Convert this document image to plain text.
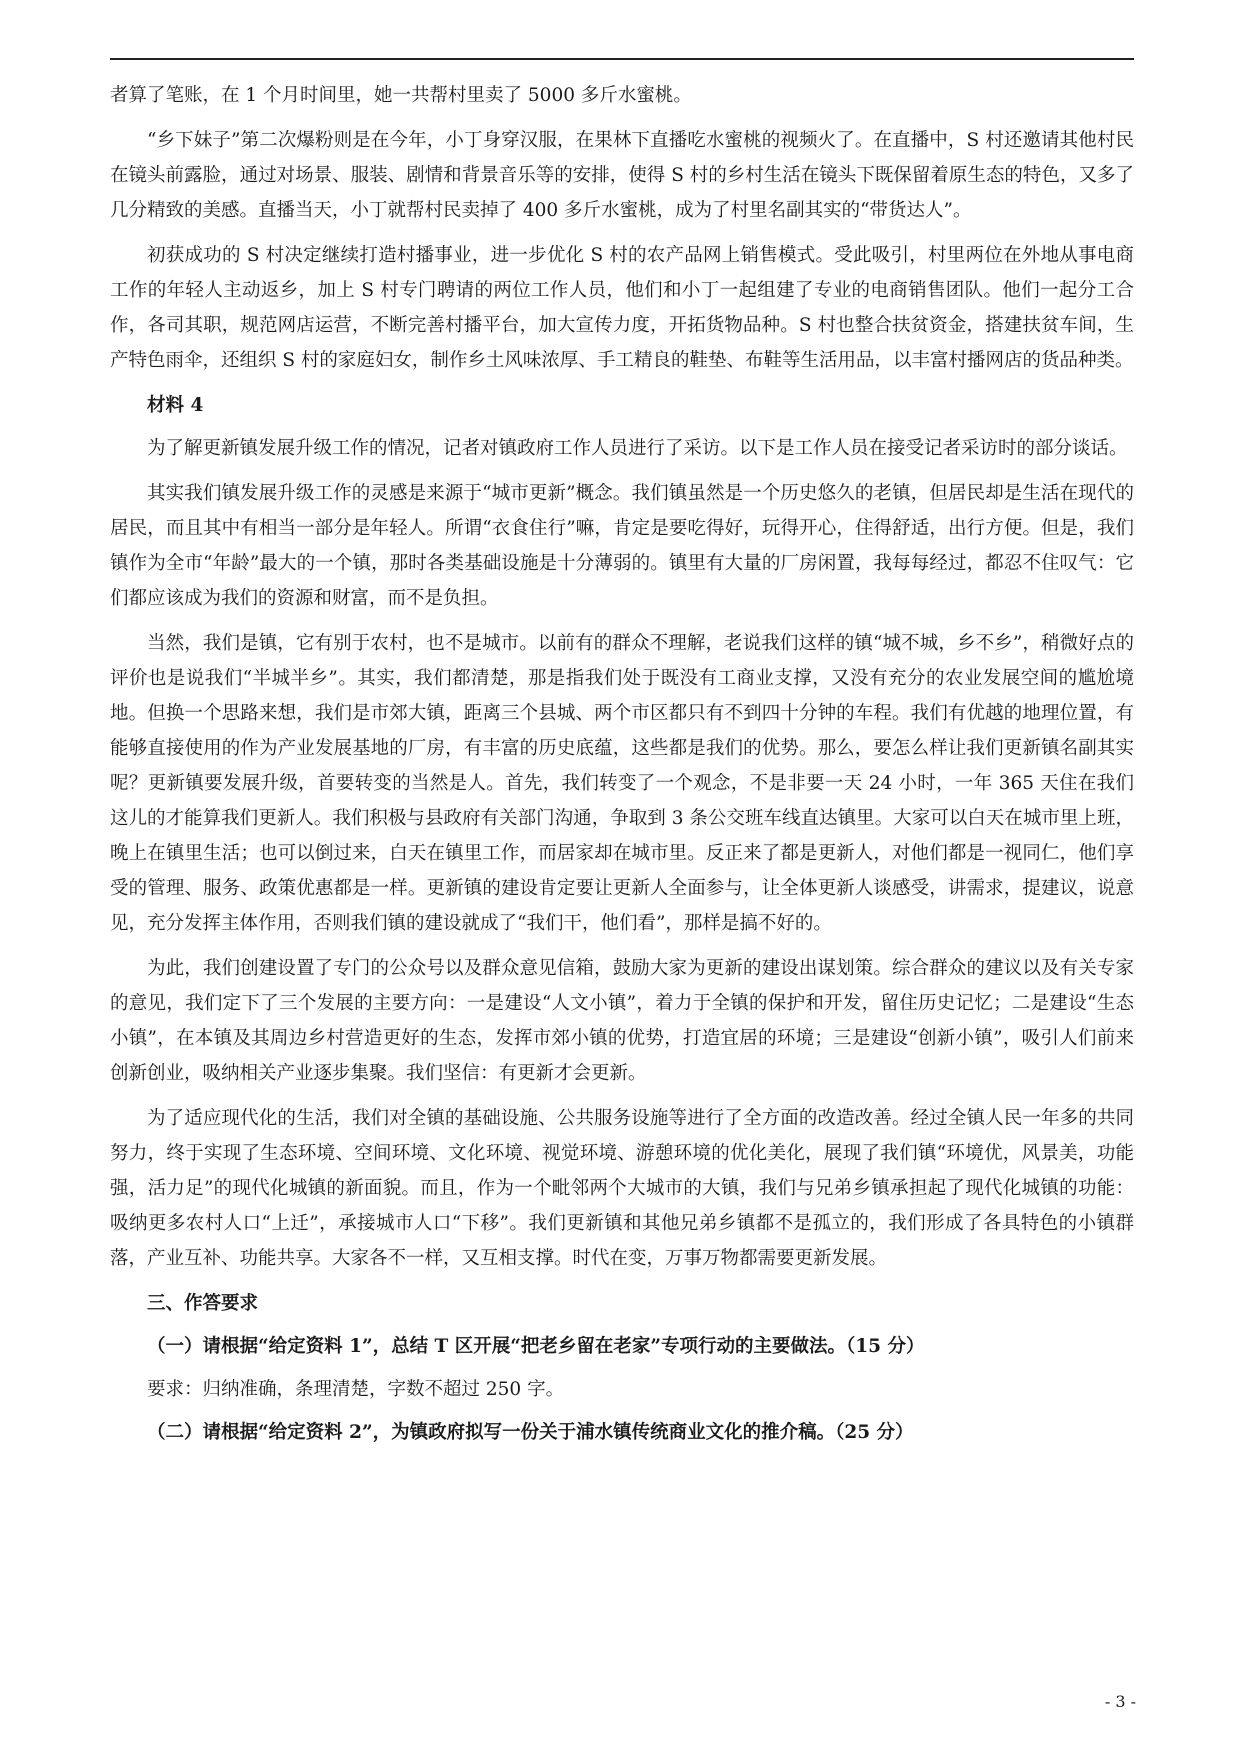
者算了笔账，在 1 个月时间里，她一共帮村里卖了 5000 多斤水蜜桃。

“乡下妹子”第二次爆粉则是在今年，小丁身穿汉服，在果林下直播吃水蜜桃的视频火了。在直播中，S 村还邀请其他村民在镜头前露脸，通过对场景、服装、剧情和背景音乐等的安排，使得 S 村的乡村生活在镜头下既保留着原生态的特色，又多了几分精致的美感。直播当天，小丁就帮村民卖掉了 400 多斤水蜜桃，成为了村里名副其实的“带货达人”。

初获成功的 S 村决定继续打造村播事业，进一步优化 S 村的农产品网上销售模式。受此吸引，村里两位在外地从事电商工作的年轻人主动返乡，加上 S 村专门聘请的两位工作人员，他们和小丁一起组建了专业的电商销售团队。他们一起分工合作，各司其职，规范网店运营，不断完善村播平台，加大宣传力度，开拓货物品种。S 村也整合扶贫资金，搭建扶贫车间，生产特色雨伞，还组织 S 村的家庭妇女，制作乡土风味浓厚、手工精良的鞋垫、布鞋等生活用品，以丰富村播网店的货品种类。

材料 4

为了解更新镇发展升级工作的情况，记者对镇政府工作人员进行了采访。以下是工作人员在接受记者采访时的部分谈话。

其实我们镇发展升级工作的灵感是来源于“城市更新”概念。我们镇虽然是一个历史悠久的老镇，但居民却是生活在现代的居民，而且其中有相当一部分是年轻人。所谓“衣食住行”嘛，肯定是要吃得好，玩得开心，住得舒适，出行方便。但是，我们镇作为全市“年龄”最大的一个镇，那时各类基础设施是十分薄弱的。镇里有大量的厂房闲置，我每每经过，都忍不住叹气：它们都应该成为我们的资源和财富，而不是负担。

当然，我们是镇，它有别于农村，也不是城市。以前有的群众不理解，老说我们这样的镇“城不城，乡不乡”，稍微好点的评价也是说我们“半城半乡”。其实，我们都清楚，那是指我们处于既没有工商业支撑，又没有充分的农业发展空间的尴尬境地。但换一个思路来想，我们是市郊大镇，距离三个县城、两个市区都只有不到四十分钟的车程。我们有优越的地理位置，有能够直接使用的作为产业发展基地的厂房，有丰富的历史底蕴，这些都是我们的优势。那么，要怎么样让我们更新镇名副其实呢？更新镇要发展升级，首要转变的当然是人。首先，我们转变了一个观念，不是非要一天 24 小时，一年 365 天住在我们这儿的才能算我们更新人。我们积极与县政府有关部门沟通，争取到 3 条公交班车线直达镇里。大家可以白天在城市里上班，晚上在镇里生活；也可以倒过来，白天在镇里工作，而居家却在城市里。反正来了都是更新人，对他们都是一视同仁，他们享受的管理、服务、政策优惠都是一样。更新镇的建设肯定要让更新人全面参与，让全体更新人谈感受，讲需求，提建议，说意见，充分发挥主体作用，否则我们镇的建设就成了“我们干，他们看”，那样是搞不好的。

为此，我们创建设置了专门的公众号以及群众意见信箱，鼓励大家为更新的建设出谋划策。综合群众的建议以及有关专家的意见，我们定下了三个发展的主要方向：一是建设“人文小镇”，着力于全镇的保护和开发，留住历史记忆；二是建设“生态小镇”，在本镇及其周边乡村营造更好的生态，发挥市郊小镇的优势，打造宜居的环境；三是建设“创新小镇”，吸引人们前来创新创业，吸纳相关产业逐步集聚。我们坚信：有更新才会更新。

为了适应现代化的生活，我们对全镇的基础设施、公共服务设施等进行了全方面的改造改善。经过全镇人民一年多的共同努力，终于实现了生态环境、空间环境、文化环境、视觉环境、游憩环境的优化美化，展现了我们镇“环境优，风景美，功能强，活力足”的现代化城镇的新面貌。而且，作为一个毗邻两个大城市的大镇，我们与兄弟乡镇承担起了现代化城镇的功能：吸纳更多农村人口“上迁”，承接城市人口“下移”。我们更新镇和其他兄弟乡镇都不是孤立的，我们形成了各具特色的小镇群落，产业互补、功能共享。大家各不一样，又互相支撑。时代在变，万事万物都需要更新发展。

三、作答要求

（一）请根据“给定资料 1”，总结 T 区开展“把老乡留在老家”专项行动的主要做法。（15 分）

要求：归纳准确，条理清楚，字数不超过 250 字。

（二）请根据“给定资料 2”，为镇政府拟写一份关于浦水镇传统商业文化的推介稿。（25 分）

- 3 -
